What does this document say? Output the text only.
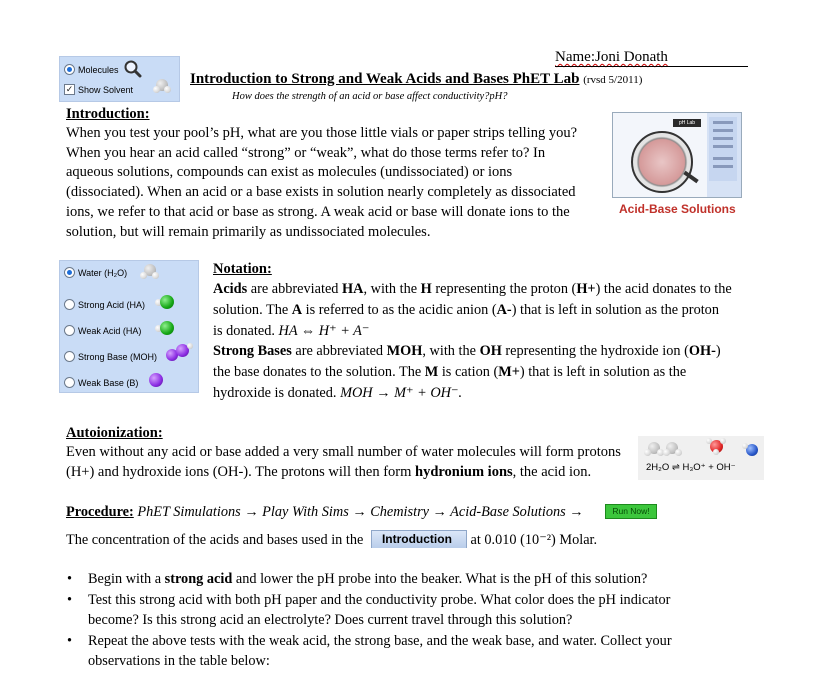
Name:Joni Donath
Introduction to Strong and Weak Acids and Bases PhET Lab (rvsd 5/2011)
How does the strength of an acid or base affect conductivity?pH?
Molecules
✓ Show Solvent
Introduction:

When you test your pool’s pH, what are you those little vials or paper strips telling you?

When you hear an acid called “strong” or “weak”, what do those terms refer to? In

aqueous solutions, compounds can exist as molecules (undissociated) or ions

(dissociated). When an acid or a base exists in solution nearly completely as dissociated

ions, we refer to that acid or base as strong. A weak acid or base will donate ions to the

solution, but will remain primarily as undissociated molecules.

pH Lab
Acid-Base Solutions
Water (H₂O)
Strong Acid (HA)
Weak Acid (HA)
Strong Base (MOH)
Weak Base (B)
Notation:

Acids are abbreviated HA, with the H representing the proton (H+) the acid donates to the

solution. The A is referred to as the acidic anion (A-) that is left in solution as the proton

is donated. HA ⇔ H⁺ + A⁻

Strong Bases are abbreviated MOH, with the OH representing the hydroxide ion (OH-)

the base donates to the solution. The M is cation (M+) that is left in solution as the

hydroxide is donated. MOH → M⁺ + OH⁻.

Autoionization:

Even without any acid or base added a very small number of water molecules will form protons

(H+) and hydroxide ions (OH-). The protons will then form hydronium ions, the acid ion.	2H₂O ⇌ H₃O⁺ + OH⁻
Procedure: PhET Simulations → Play With Sims → Chemistry → Acid-Base Solutions →	Run Now!
The concentration of the acids and bases used in the Introduction at 0.010 (10⁻²) Molar.
• Begin with a strong acid and lower the pH probe into the beaker. What is the pH of this solution?
• Test this strong acid with both pH paper and the conductivity probe. What color does the pH indicator become? Is this strong acid an electrolyte? Does current travel through this solution?
• Repeat the above tests with the weak acid, the strong base, and the weak base, and water. Collect your observations in the table below:
